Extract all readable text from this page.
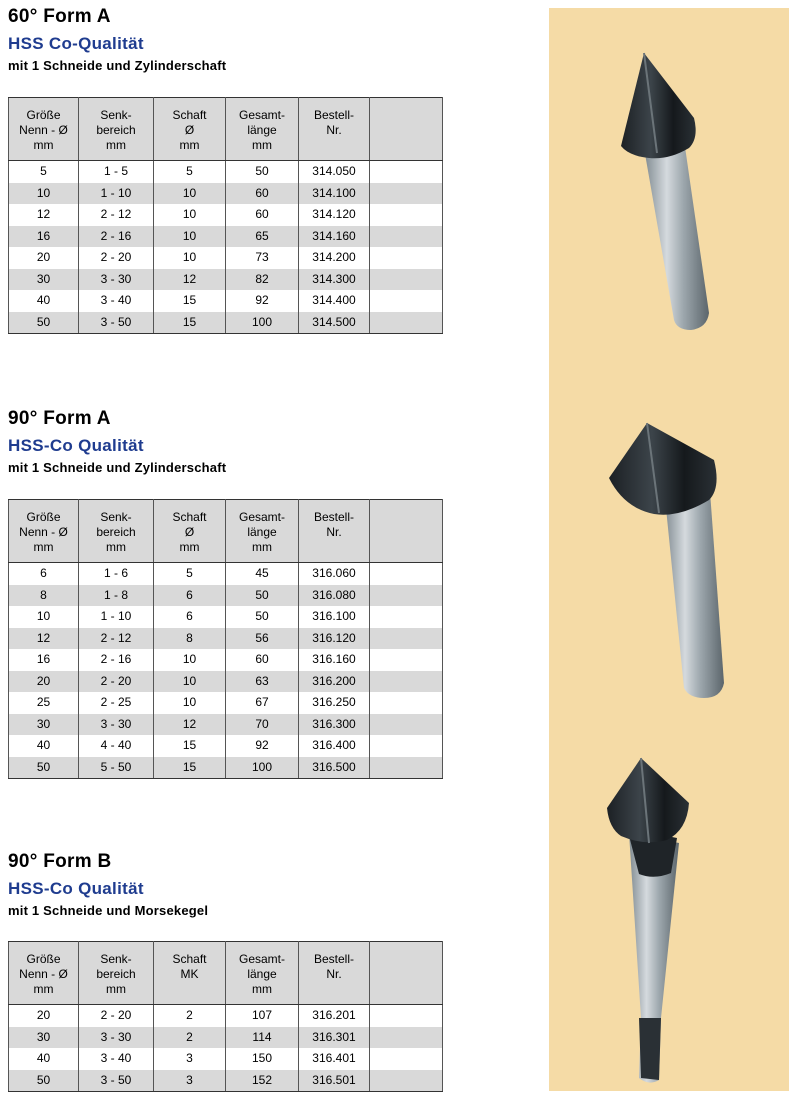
60° Form A
HSS Co-Qualität
mit 1 Schneide und Zylinderschaft
Größe
Nenn - Ø
mm	Senk-
bereich
mm	Schaft
Ø
mm	Gesamt-
länge
mm	Bestell-
Nr.	

5	1 - 5	5	50	314.050	
10	1 - 10	10	60	314.100	
12	2 - 12	10	60	314.120	
16	2 - 16	10	65	314.160	
20	2 - 20	10	73	314.200	
30	3 - 30	12	82	314.300	
40	3 - 40	15	92	314.400	
50	3 - 50	15	100	314.500	
90° Form A
HSS-Co Qualität
mit 1 Schneide und Zylinderschaft
Größe
Nenn - Ø
mm	Senk-
bereich
mm	Schaft
Ø
mm	Gesamt-
länge
mm	Bestell-
Nr.	

6	1 - 6	5	45	316.060	
8	1 - 8	6	50	316.080	
10	1 - 10	6	50	316.100	
12	2 - 12	8	56	316.120	
16	2 - 16	10	60	316.160	
20	2 - 20	10	63	316.200	
25	2 - 25	10	67	316.250	
30	3 - 30	12	70	316.300	
40	4 - 40	15	92	316.400	
50	5 - 50	15	100	316.500	
90° Form B
HSS-Co Qualität
mit 1 Schneide und Morsekegel
Größe
Nenn - Ø
mm	Senk-
bereich
mm	Schaft
MK	Gesamt-
länge
mm	Bestell-
Nr.	

20	2 - 20	2	107	316.201	
30	3 - 30	2	114	316.301	
40	3 - 40	3	150	316.401	
50	3 - 50	3	152	316.501	
